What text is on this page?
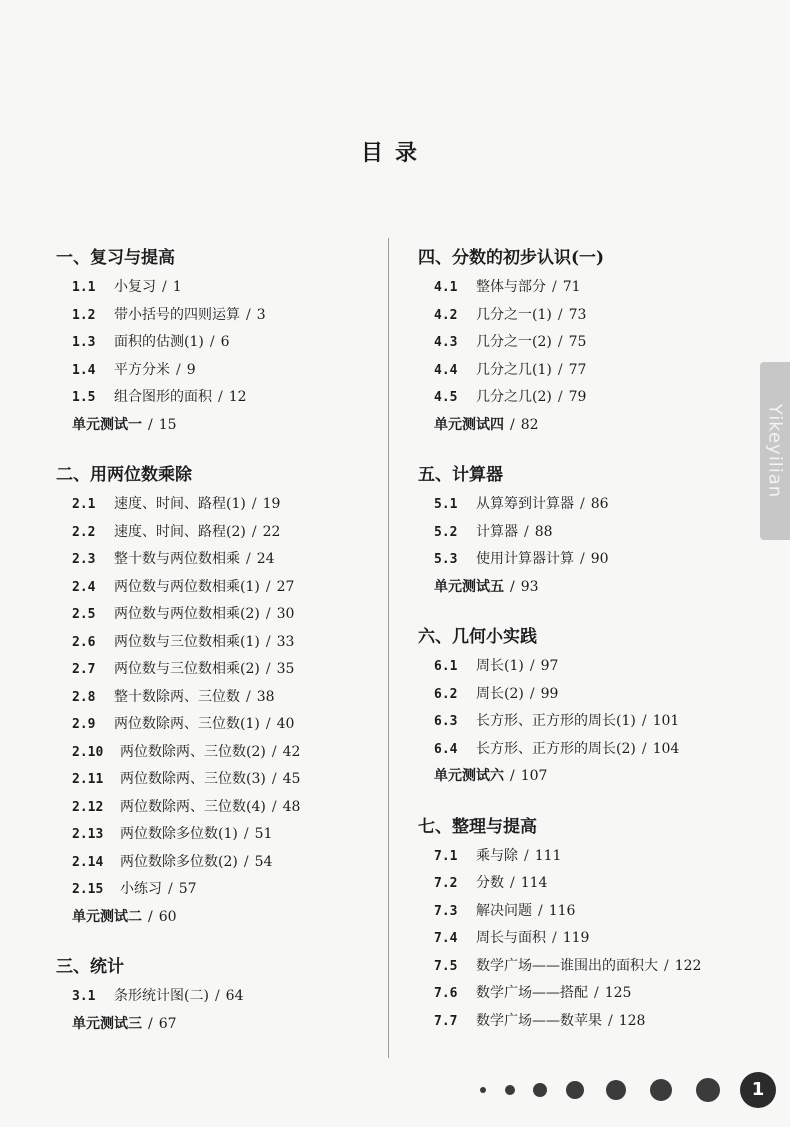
目录
一、复习与提高
1.1 小复习 / 1
1.2 带小括号的四则运算 / 3
1.3 面积的估测(1) / 6
1.4 平方分米 / 9
1.5 组合图形的面积 / 12
单元测试一 / 15
二、用两位数乘除
2.1 速度、时间、路程(1) / 19
2.2 速度、时间、路程(2) / 22
2.3 整十数与两位数相乘 / 24
2.4 两位数与两位数相乘(1) / 27
2.5 两位数与两位数相乘(2) / 30
2.6 两位数与三位数相乘(1) / 33
2.7 两位数与三位数相乘(2) / 35
2.8 整十数除两、三位数 / 38
2.9 两位数除两、三位数(1) / 40
2.10 两位数除两、三位数(2) / 42
2.11 两位数除两、三位数(3) / 45
2.12 两位数除两、三位数(4) / 48
2.13 两位数除多位数(1) / 51
2.14 两位数除多位数(2) / 54
2.15 小练习 / 57
单元测试二 / 60
三、统计
3.1 条形统计图(二) / 64
单元测试三 / 67
四、分数的初步认识(一)
4.1 整体与部分 / 71
4.2 几分之一(1) / 73
4.3 几分之一(2) / 75
4.4 几分之几(1) / 77
4.5 几分之几(2) / 79
单元测试四 / 82
五、计算器
5.1 从算筹到计算器 / 86
5.2 计算器 / 88
5.3 使用计算器计算 / 90
单元测试五 / 93
六、几何小实践
6.1 周长(1) / 97
6.2 周长(2) / 99
6.3 长方形、正方形的周长(1) / 101
6.4 长方形、正方形的周长(2) / 104
单元测试六 / 107
七、整理与提高
7.1 乘与除 / 111
7.2 分数 / 114
7.3 解决问题 / 116
7.4 周长与面积 / 119
7.5 数学广场——谁围出的面积大 / 122
7.6 数学广场——搭配 / 125
7.7 数学广场——数苹果 / 128
Yikeyilian
1
